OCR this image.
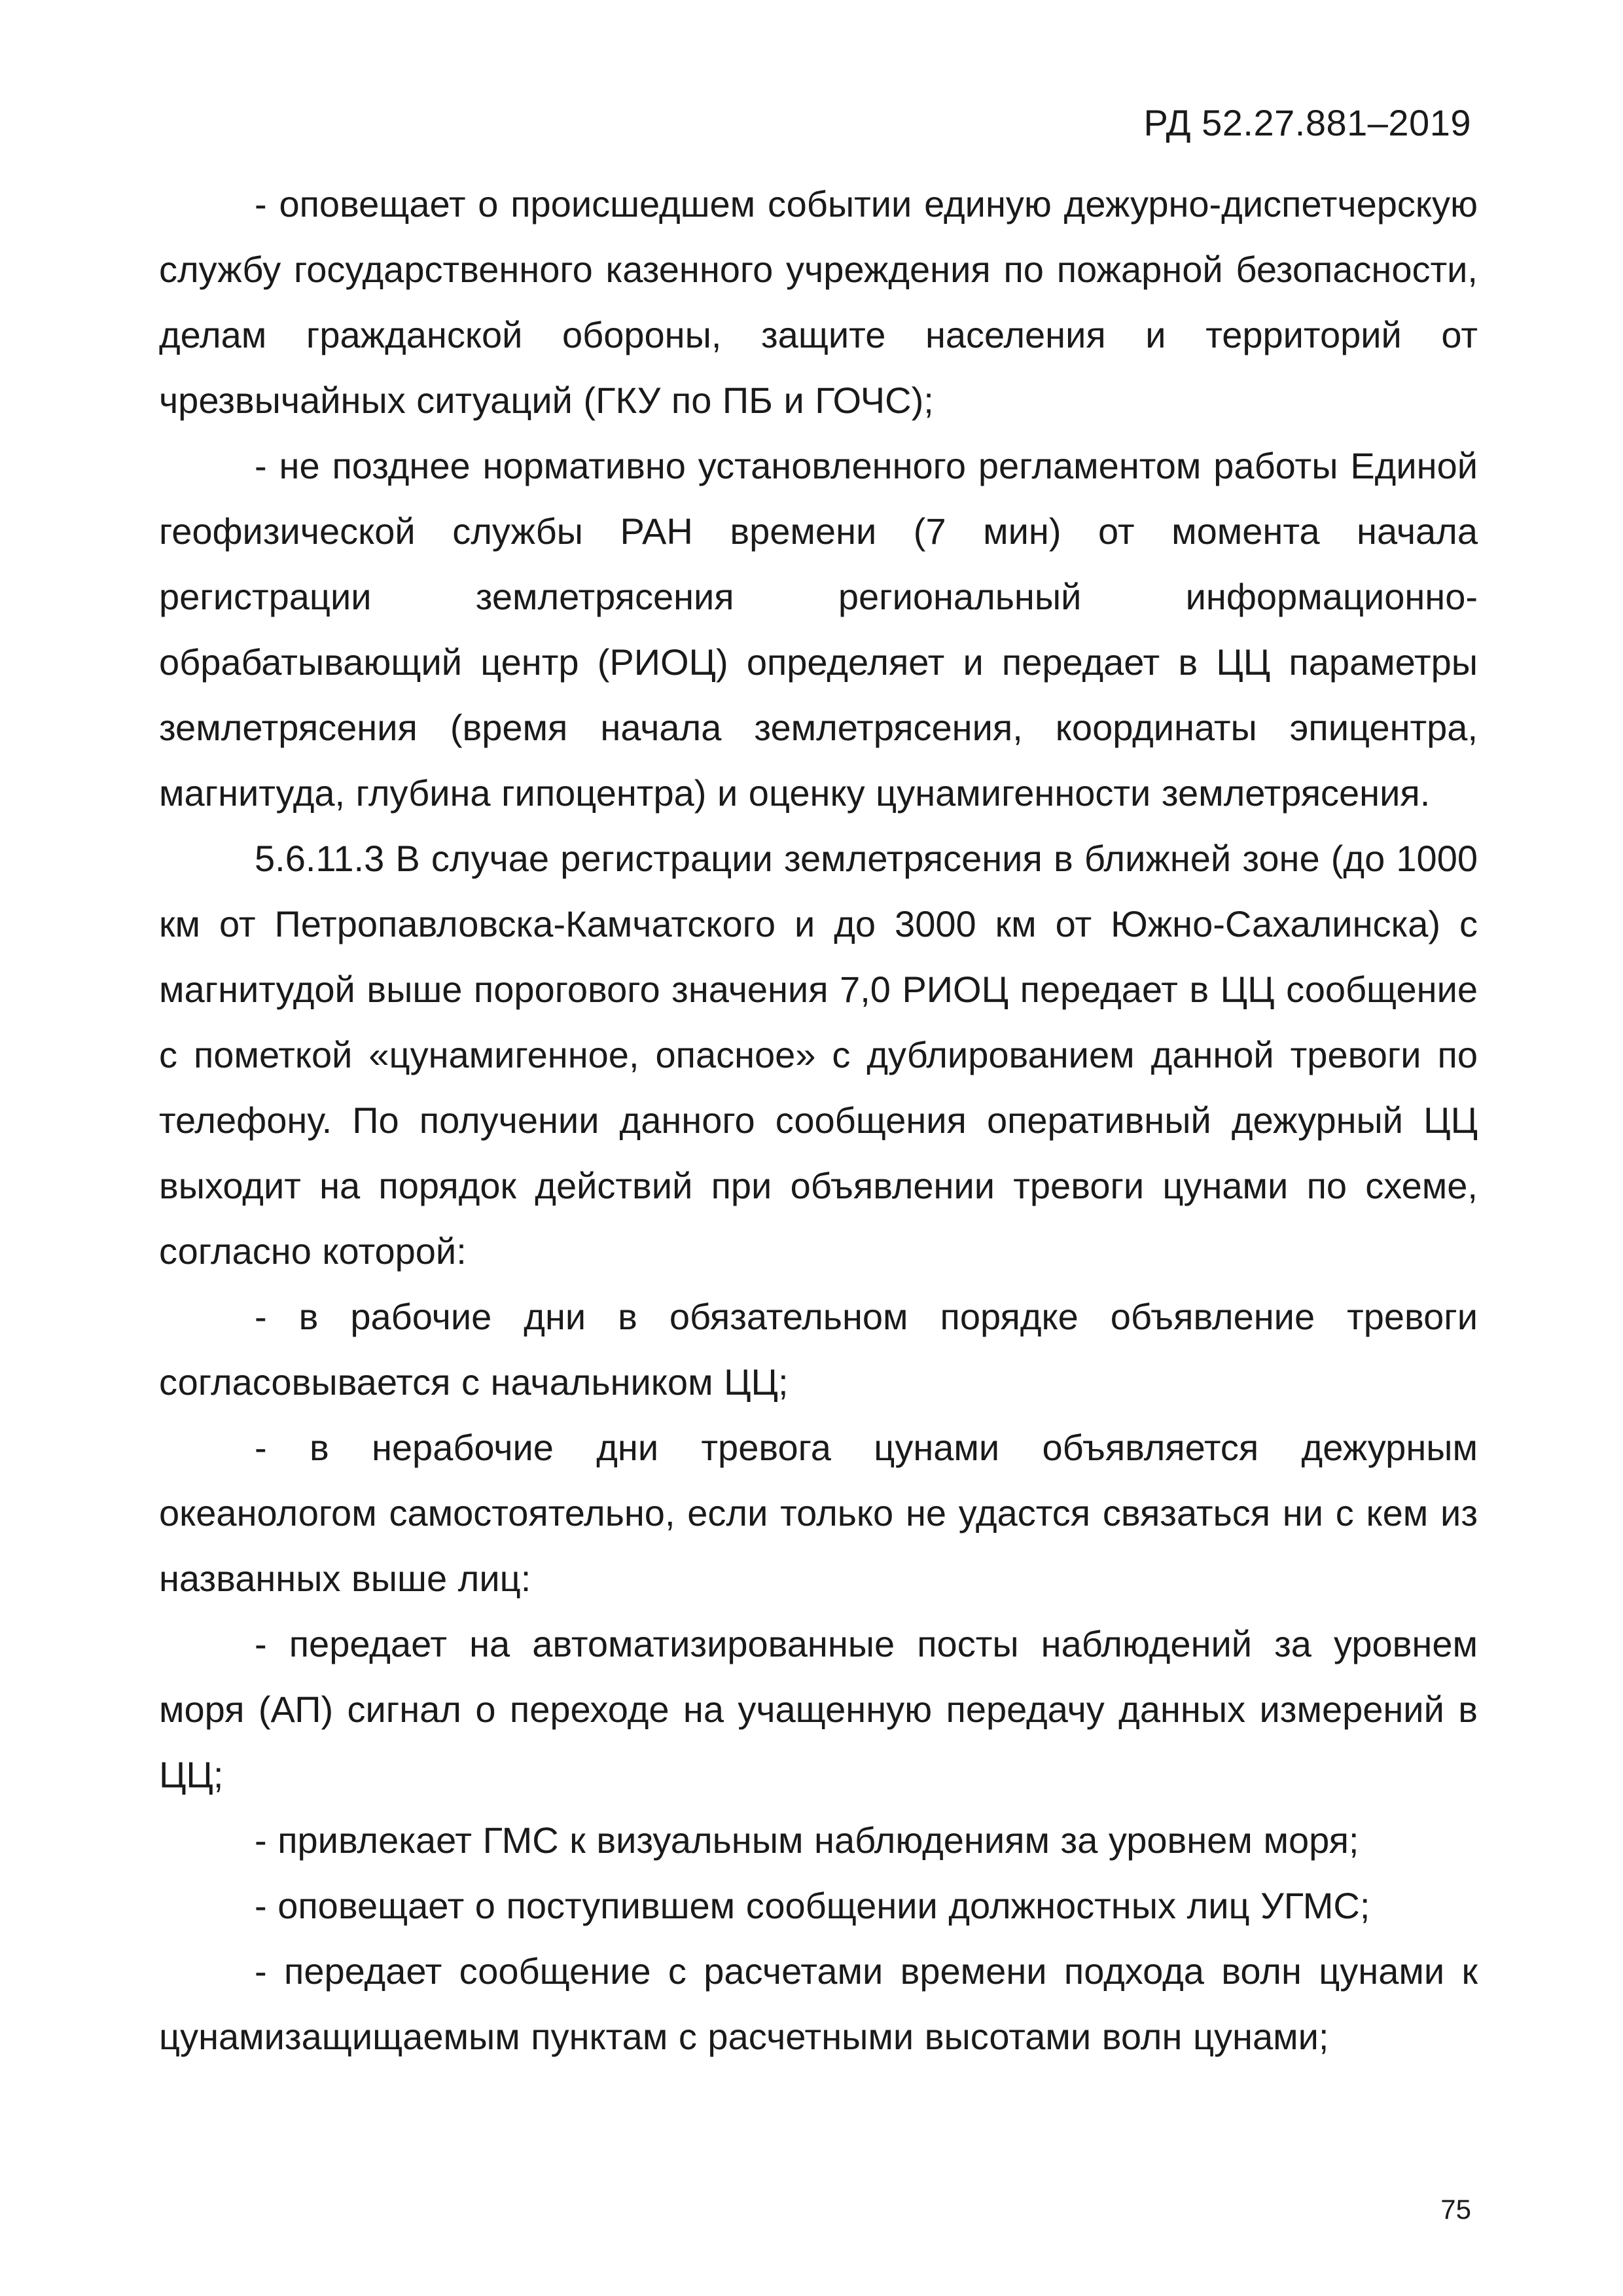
РД 52.27.881–2019

- оповещает о происшедшем событии единую дежурно-диспетчерскую службу государственного казенного учреждения по пожарной безопасности, делам гражданской обороны, защите населения и территорий от чрезвычайных ситуаций (ГКУ по ПБ и ГОЧС);

- не позднее нормативно установленного регламентом работы Единой геофизической службы РАН времени (7 мин) от момента начала регистрации землетрясения региональный информационно-обрабатывающий центр (РИОЦ) определяет и передает в ЦЦ параметры землетрясения (время начала землетрясения, координаты эпицентра, магнитуда, глубина гипоцентра) и оценку цунамигенности землетрясения.

5.6.11.3 В случае регистрации землетрясения в ближней зоне (до 1000 км от Петропавловска-Камчатского и до 3000 км от Южно-Сахалинска) с магнитудой выше порогового значения 7,0 РИОЦ передает в ЦЦ сообщение с пометкой «цунамигенное, опасное» с дублированием данной тревоги по телефону. По получении данного сообщения оперативный дежурный ЦЦ выходит на порядок действий при объявлении тревоги цунами по схеме, согласно которой:

- в рабочие дни в обязательном порядке объявление тревоги согласовывается с начальником ЦЦ;

- в нерабочие дни тревога цунами объявляется дежурным океанологом самостоятельно, если только не удастся связаться ни с кем из названных выше лиц:

- передает на автоматизированные посты наблюдений за уровнем моря (АП) сигнал о переходе на учащенную передачу данных измерений в ЦЦ;

- привлекает ГМС к визуальным наблюдениям за уровнем моря;

- оповещает о поступившем сообщении должностных лиц УГМС;

- передает сообщение с расчетами времени подхода волн цунами к цунамизащищаемым пунктам с расчетными высотами волн цунами;

75
